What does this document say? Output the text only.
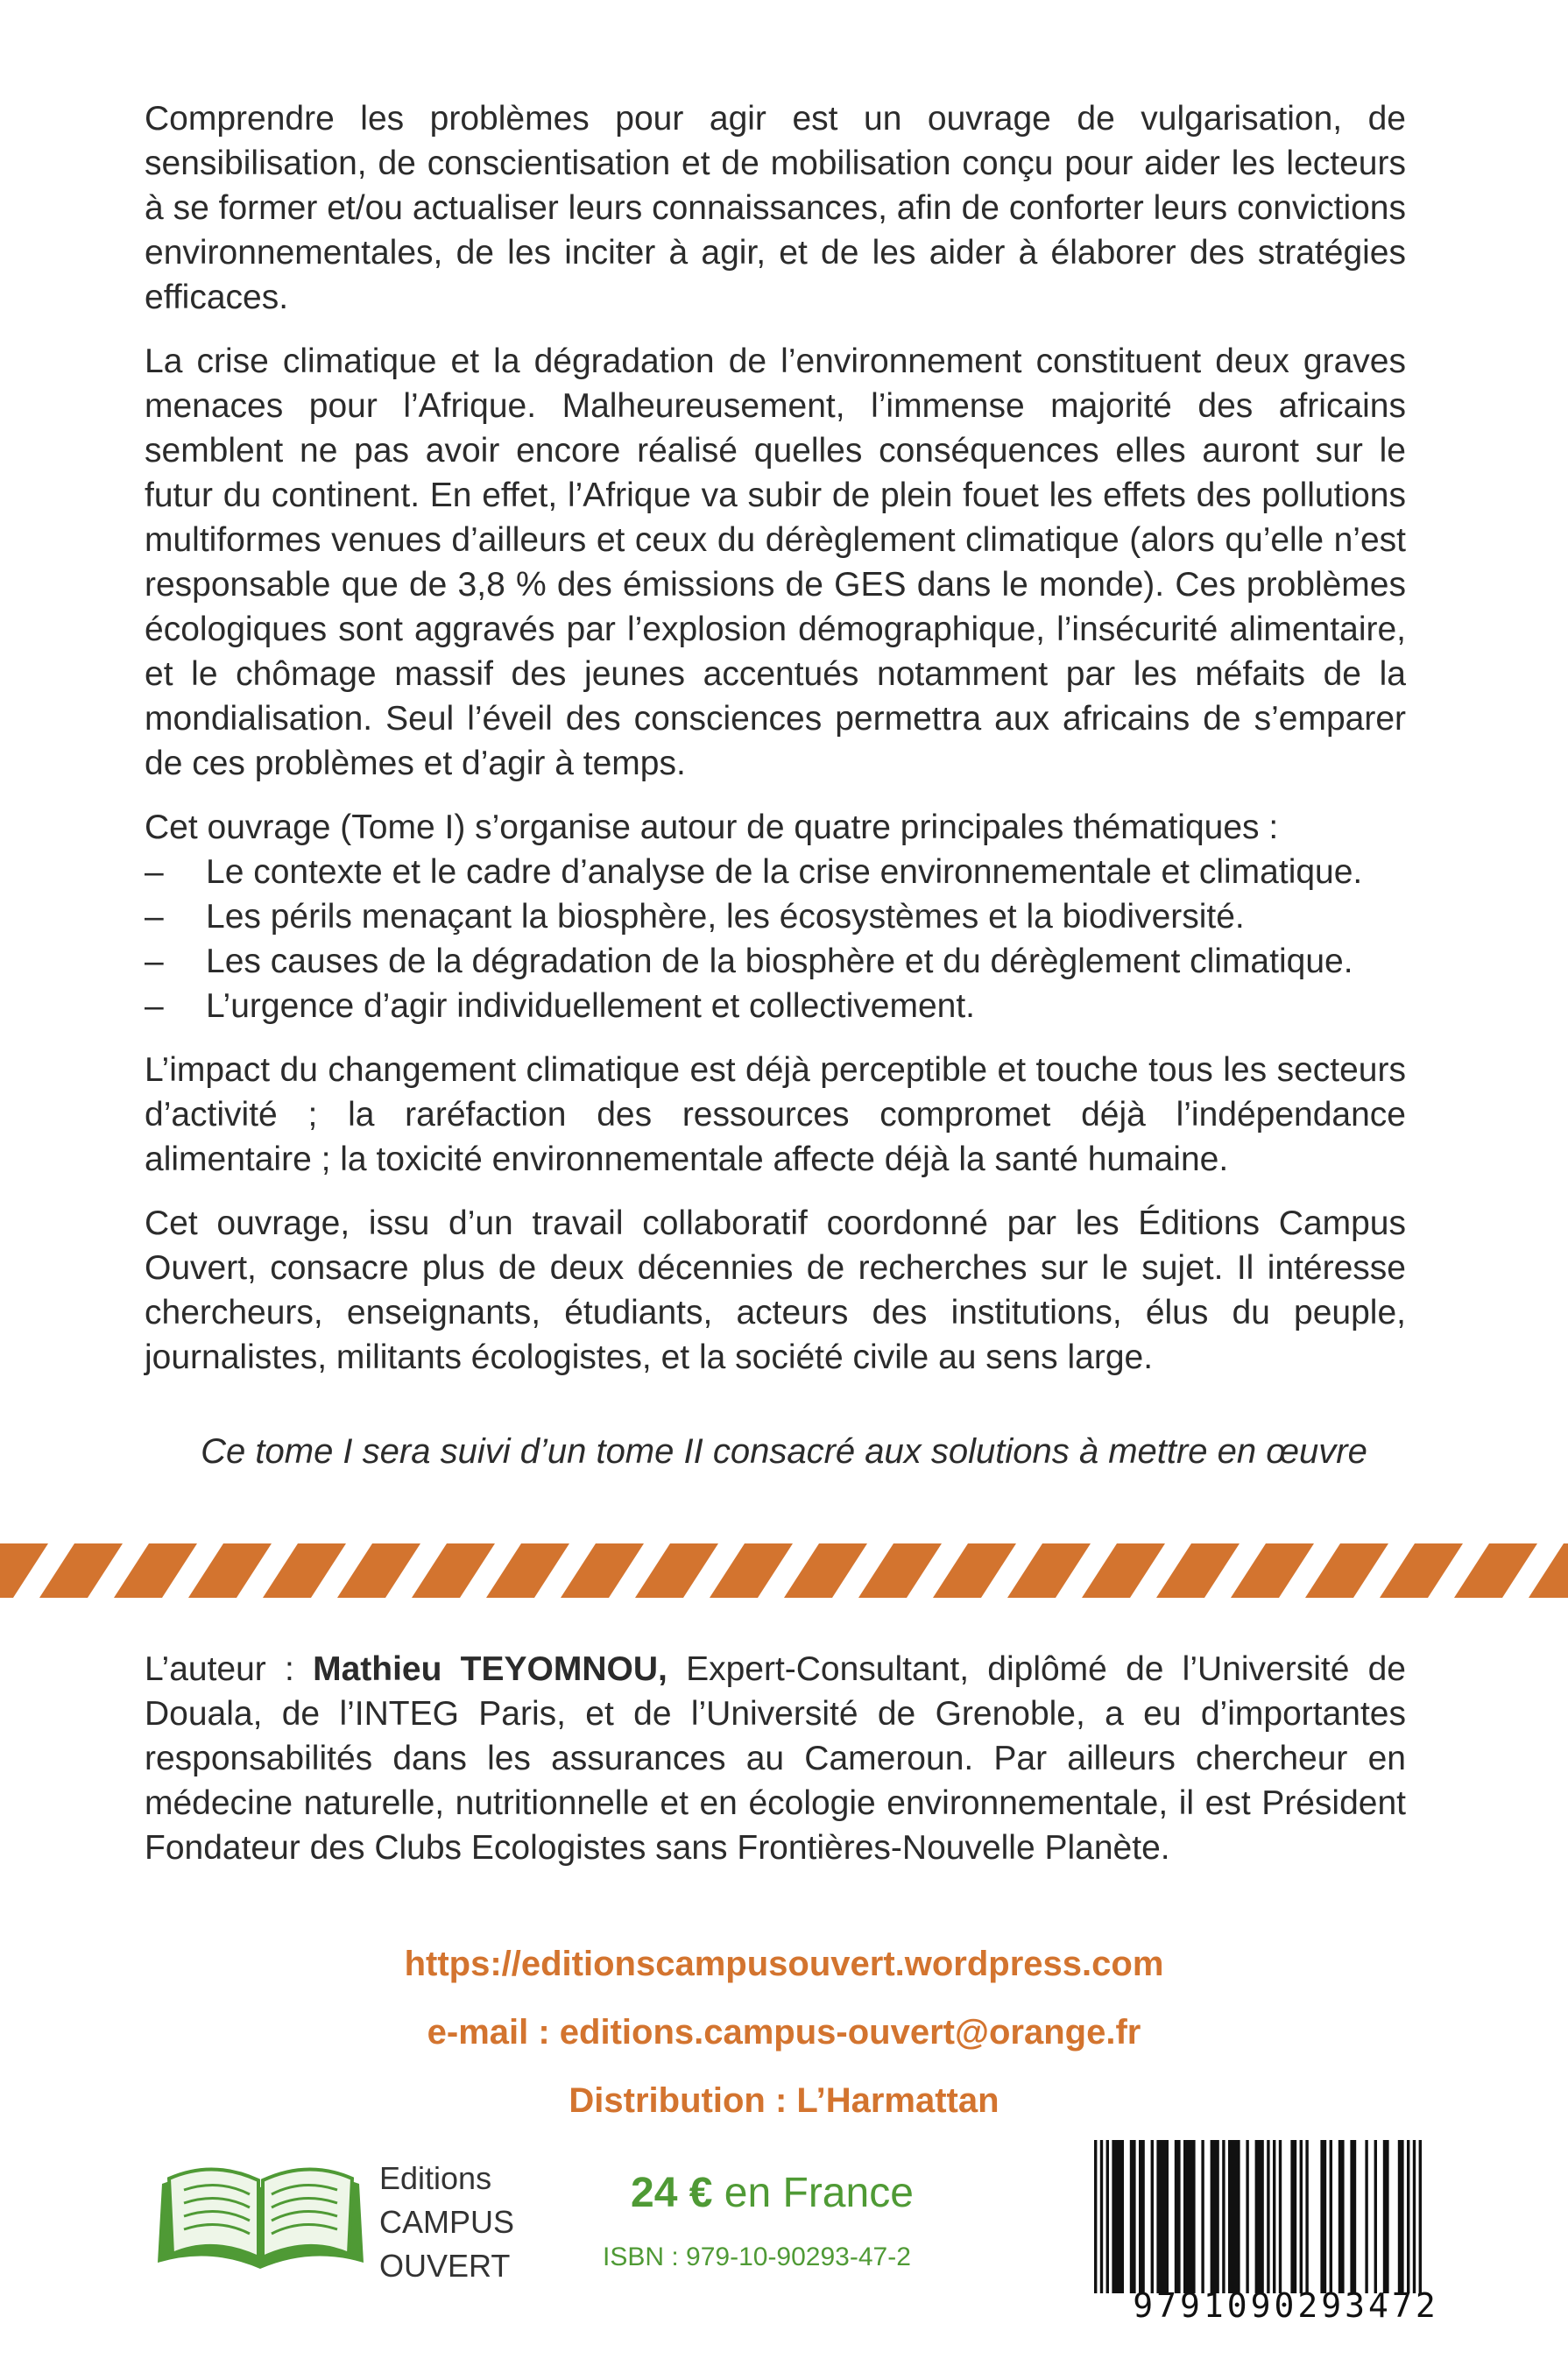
Comprendre les problèmes pour agir est un ouvrage de vulgarisation, de sensibilisation, de conscientisation et de mobilisation conçu pour aider les lecteurs à se former et/ou actualiser leurs connaissances, afin de conforter leurs convictions environnementales, de les inciter à agir, et de les aider à élaborer des stratégies efficaces.

La crise climatique et la dégradation de l’environnement constituent deux graves menaces pour l’Afrique. Malheureusement, l’immense majorité des africains semblent ne pas avoir encore réalisé quelles conséquences elles auront sur le futur du continent. En effet, l’Afrique va subir de plein fouet les effets des pollutions multiformes venues d’ailleurs et ceux du dérèglement climatique (alors qu’elle n’est responsable que de 3,8 % des émissions de GES dans le monde). Ces problèmes écologiques sont aggravés par l’explosion démographique, l’insécurité alimentaire, et le chômage massif des jeunes accentués notamment par les méfaits de la mondialisation. Seul l’éveil des consciences permettra aux africains de s’emparer de ces problèmes et d’agir à temps.

Cet ouvrage (Tome I) s’organise autour de quatre principales thématiques :

– Le contexte et le cadre d’analyse de la crise environnementale et climatique.
– Les périls menaçant la biosphère, les écosystèmes et la biodiversité.
– Les causes de la dégradation de la biosphère et du dérèglement climatique.
– L’urgence d’agir individuellement et collectivement.

L’impact du changement climatique est déjà perceptible et touche tous les secteurs d’activité ; la raréfaction des ressources compromet déjà l’indépendance alimentaire ; la toxicité environnementale affecte déjà la santé humaine.

Cet ouvrage, issu d’un travail collaboratif coordonné par les Éditions Campus Ouvert, consacre plus de deux décennies de recherches sur le sujet. Il intéresse chercheurs, enseignants, étudiants, acteurs des institutions, élus du peuple, journalistes, militants écologistes, et la société civile au sens large.

Ce tome I sera suivi d’un tome II consacré aux solutions à mettre en œuvre
L’auteur : Mathieu TEYOMNOU, Expert-Consultant, diplômé de l’Université de Douala, de l’INTEG Paris, et de l’Université de Grenoble, a eu d’importantes responsabilités dans les assurances au Cameroun. Par ailleurs chercheur en médecine naturelle, nutritionnelle et en écologie environnementale, il est Président Fondateur des Clubs Ecologistes sans Frontières-Nouvelle Planète.
https://editionscampusouvert.wordpress.com
e-mail : editions.campus-ouvert@orange.fr
Distribution : L’Harmattan
Editions
CAMPUS
OUVERT
24 € en France
ISBN : 979-10-90293-47-2
9791090293472
